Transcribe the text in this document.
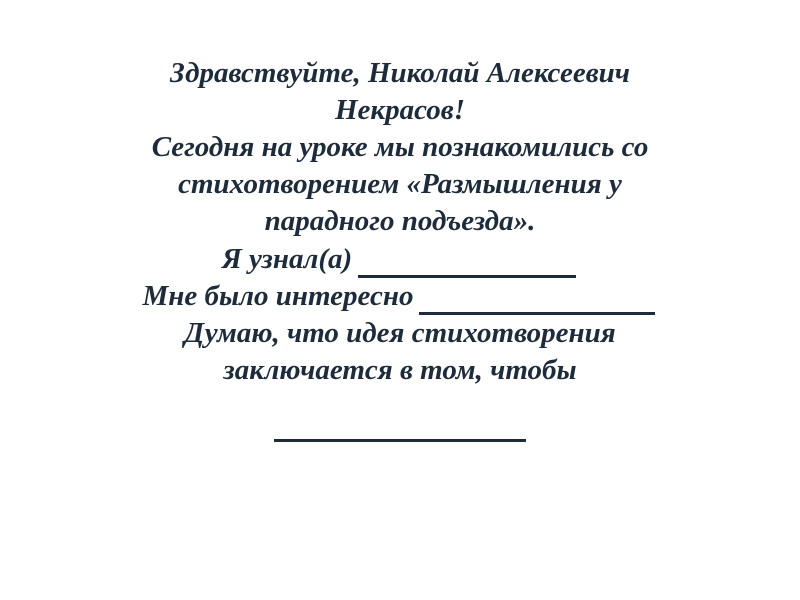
Здравствуйте, Николай Алексеевич
Некрасов!
Сегодня на уроке мы познакомились со
стихотворением «Размышления у
парадного подъезда».
Я узнал(а)
Мне было интересно
Думаю, что идея стихотворения
заключается в том, чтобы
